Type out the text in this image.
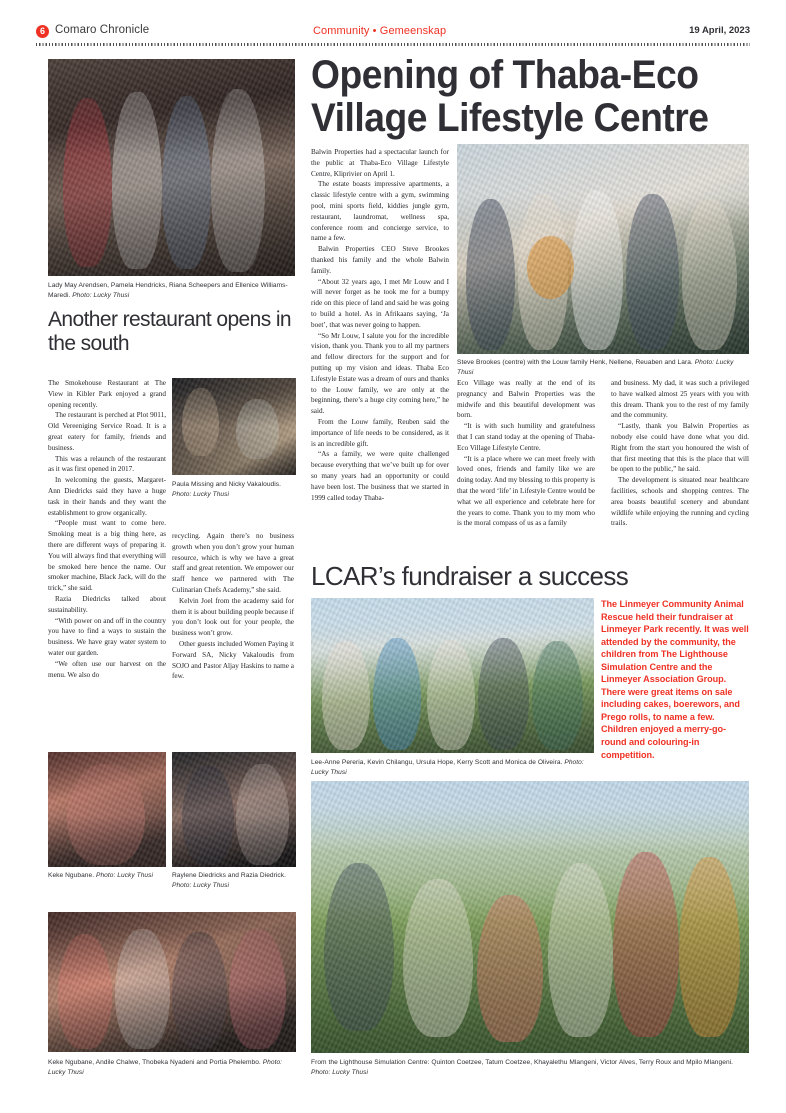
6 Comaro Chronicle	Community • Gemeenskap	19 April, 2023
Lady May Arendsen, Pamela Hendricks, Riana Scheepers and Ellenice Williams-Maredi. Photo: Lucky Thusi
Another restaurant opens in the south

The Smokehouse Restaurant at The View in Kibler Park enjoyed a grand opening recently.

The restaurant is perched at Plot 9011, Old Vereeniging Service Road. It is a great eatery for family, friends and business.

This was a relaunch of the restaurant as it was first opened in 2017.

In welcoming the guests, Margaret-Ann Diedricks said they have a huge task in their hands and they want the establishment to grow organically.

“People must want to come here. Smoking meat is a big thing here, as there are different ways of preparing it. You will always find that everything will be smoked here hence the name. Our smoker machine, Black Jack, will do the trick,” she said.

Razia Diedricks talked about sustainability.

“With power on and off in the country you have to find a ways to sustain the business. We have gray water system to water our garden.

“We often use our harvest on the menu. We also do

Paula Missing and Nicky Vakaloudis. Photo: Lucky Thusi

recycling. Again there’s no business growth when you don’t grow your human resource, which is why we have a great staff and great retention. We empower our staff hence we partnered with The Culinarian Chefs Academy,” she said.

Kelvin Joel from the academy said for them it is about building people because if you don’t look out for your people, the business won’t grow.

Other guests included Women Paying it Forward SA, Nicky Vakaloudis from SOJO and Pastor Aljay Haskins to name a few.

Keke Ngubane. Photo: Lucky Thusi	Raylene Diedricks and Razia Diedrick. Photo: Lucky Thusi
Keke Ngubane, Andile Chalwe, Thobeka Nyadeni and Portia Phelembo. Photo: Lucky Thusi
Opening of Thaba-Eco
Village Lifestyle Centre

Balwin Properties had a spectacular launch for the public at Thaba-Eco Village Lifestyle Centre, Kliprivier on April 1.

The estate boasts impressive apartments, a classic lifestyle centre with a gym, swimming pool, mini sports field, kiddies jungle gym, restaurant, laundromat, wellness spa, conference room and concierge service, to name a few.

Balwin Properties CEO Steve Brookes thanked his family and the whole Balwin family.

“About 32 years ago, I met Mr Louw and I will never forget as he took me for a bumpy ride on this piece of land and said he was going to build a hotel. As in Afrikaans saying, ‘Ja boet’, that was never going to happen.

“So Mr Louw, I salute you for the incredible vision, thank you. Thank you to all my partners and fellow directors for the support and for putting up my vision and ideas. Thaba Eco Lifestyle Estate was a dream of ours and thanks to the Louw family, we are only at the beginning, there’s a huge city coming here,” he said.

From the Louw family, Reuben said the importance of life needs to be considered, as it is an incredible gift.

“As a family, we were quite challenged because everything that we’ve built up for over so many years had an opportunity or could have been lost. The business that we started in 1999 called today Thaba-

Steve Brookes (centre) with the Louw family Henk, Nellene, Reuaben and Lara. Photo: Lucky Thusi

Eco Village was really at the end of its pregnancy and Balwin Properties was the midwife and this beautiful development was born.

“It is with such humility and gratefulness that I can stand today at the opening of Thaba-Eco Village Lifestyle Centre.

“It is a place where we can meet freely with loved ones, friends and family like we are doing today. And my blessing to this property is that the word ‘life’ in Lifestyle Centre would be what we all experience and celebrate here for the years to come. Thank you to my mom who is the moral compass of us as a family

and business. My dad, it was such a privileged to have walked almost 25 years with you with this dream. Thank you to the rest of my family and the community.

“Lastly, thank you Balwin Properties as nobody else could have done what you did. Right from the start you honoured the wish of that first meeting that this is the place that will be open to the public,” he said.

The development is situated near healthcare facilities, schools and shopping centres. The area boasts beautiful scenery and abundant wildlife while enjoying the running and cycling trails.

LCAR’s fundraiser a success
Lee-Anne Pereria, Kevin Chilangu, Ursula Hope, Kerry Scott and Monica de Oliveira. Photo: Lucky Thusi

The Linmeyer Community Animal Rescue held their fundraiser at Linmeyer Park recently. It was well attended by the community, the children from The Lighthouse Simulation Centre and the Linmeyer Association Group.

There were great items on sale including cakes, boerewors, and Prego rolls, to name a few. Children enjoyed a merry-go-round and colouring-in competition.

From the Lighthouse Simulation Centre: Quinton Coetzee, Tatum Coetzee, Khayalethu Mlangeni, Victor Alves, Terry Roux and Mpilo Mlangeni. Photo: Lucky Thusi
